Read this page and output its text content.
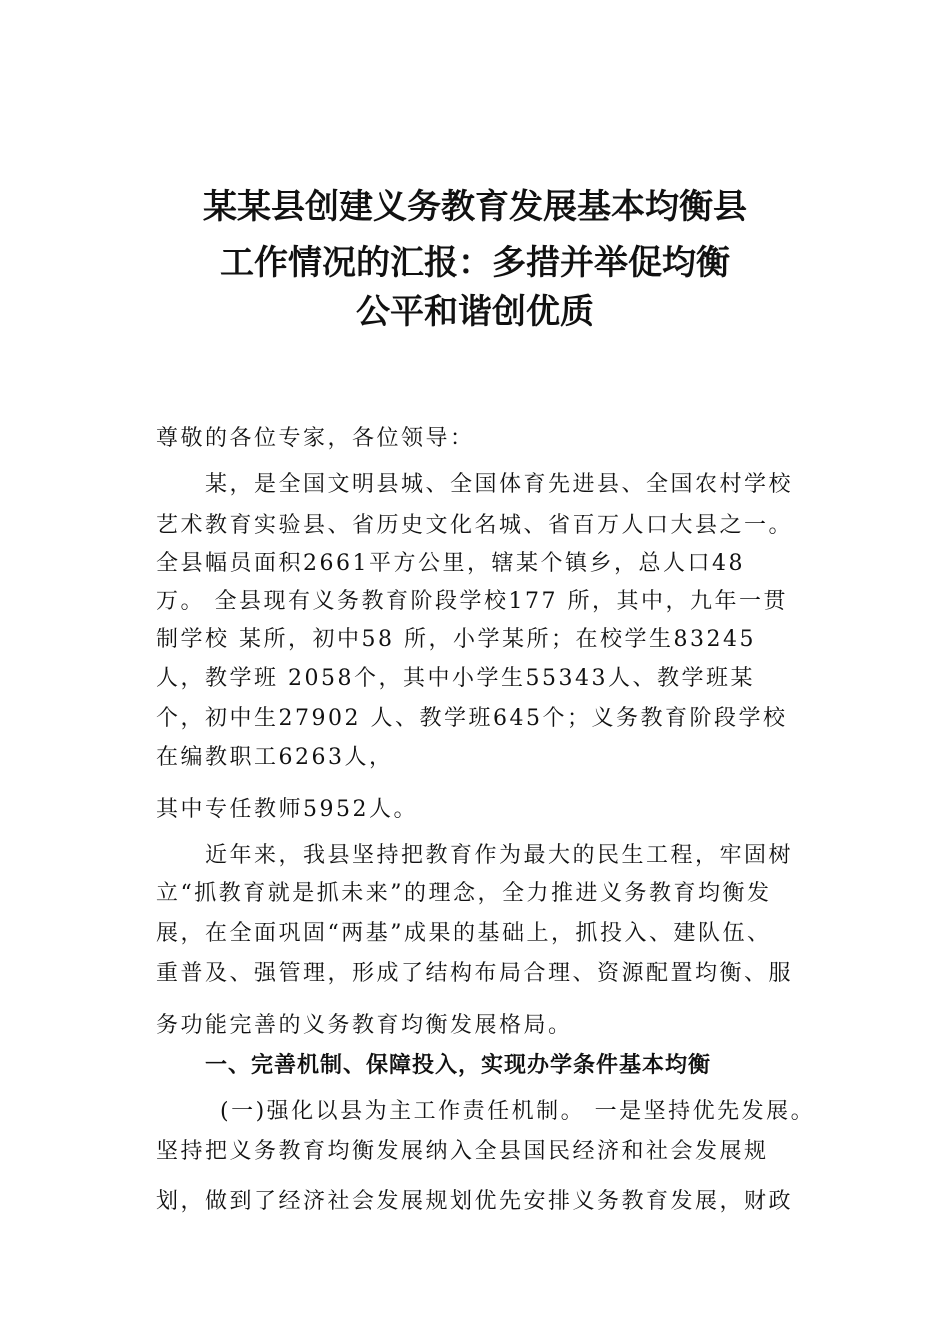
某某县创建义务教育发展基本均衡县
工作情况的汇报：多措并举促均衡
公平和谐创优质
尊敬的各位专家，各位领导：
某，是全国文明县城、全国体育先进县、全国农村学校
艺术教育实验县、省历史文化名城、省百万人口大县之一。
全县幅员面积2661平方公里，辖某个镇乡，总人口48
万。 全县现有义务教育阶段学校177 所，其中，九年一贯
制学校 某所，初中58 所，小学某所；在校学生83245
人，教学班 2058个，其中小学生55343人、教学班某
个，初中生27902 人、教学班645个；义务教育阶段学校
在编教职工6263人，
其中专任教师5952人。
近年来，我县坚持把教育作为最大的民生工程，牢固树
立“抓教育就是抓未来”的理念，全力推进义务教育均衡发
展，在全面巩固“两基”成果的基础上，抓投入、建队伍、
重普及、强管理，形成了结构布局合理、资源配置均衡、服
务功能完善的义务教育均衡发展格局。
一、完善机制、保障投入，实现办学条件基本均衡
(一)强化以县为主工作责任机制。 一是坚持优先发展。
坚持把义务教育均衡发展纳入全县国民经济和社会发展规
划，做到了经济社会发展规划优先安排义务教育发展，财政
